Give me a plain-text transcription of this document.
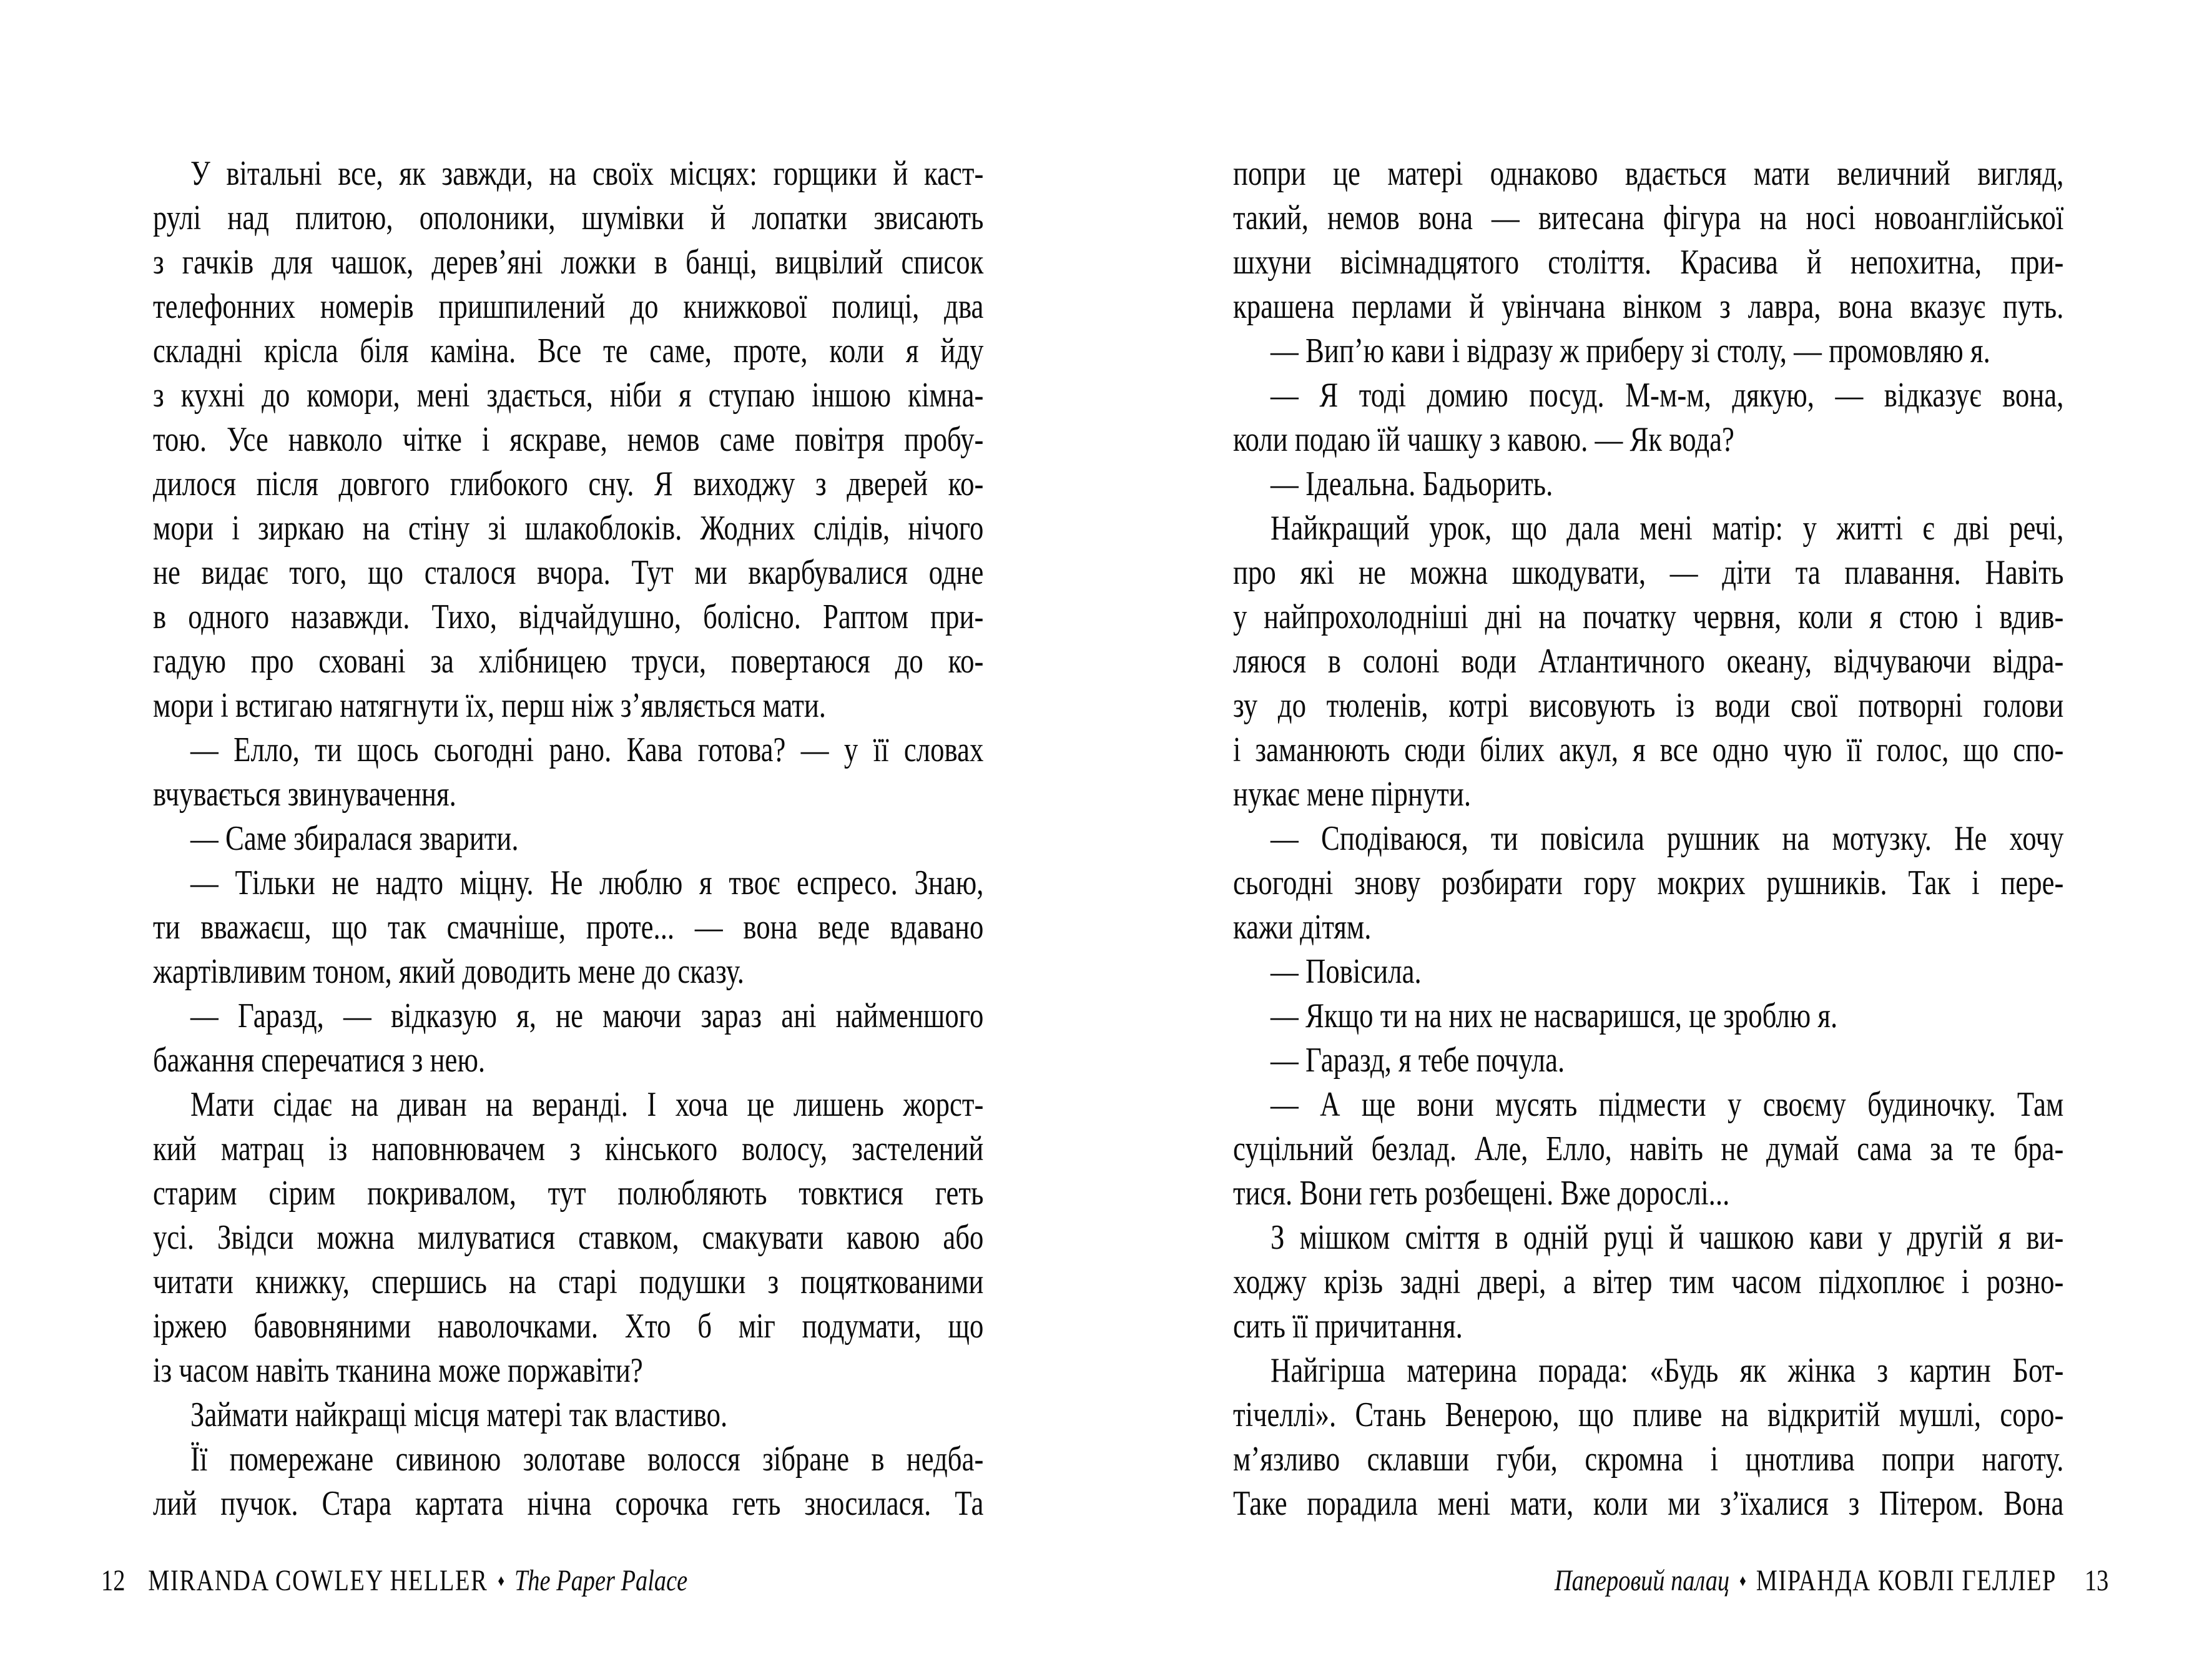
У вітальні все, як завжди, на своїх місцях: горщики й каст-
рулі над плитою, ополоники, шумівки й лопатки звисають
з гачків для чашок, дерев’яні ложки в банці, вицвілий список
телефонних номерів пришпилений до книжкової полиці, два
складні крісла біля каміна. Все те саме, проте, коли я йду
з кухні до комори, мені здається, ніби я ступаю іншою кімна-
тою. Усе навколо чітке і яскраве, немов саме повітря пробу-
дилося після довгого глибокого сну. Я виходжу з дверей ко-
мори і зиркаю на стіну зі шлакоблоків. Жодних слідів, нічого
не видає того, що сталося вчора. Тут ми вкарбувалися одне
в одного назавжди. Тихо, відчайдушно, болісно. Раптом при-
гадую про сховані за хлібницею труси, повертаюся до ко-
мори і встигаю натягнути їх, перш ніж з’являється мати.
— Елло, ти щось сьогодні рано. Кава готова? — у її словах
вчувається звинувачення.
— Саме збиралася зварити.
— Тільки не надто міцну. Не люблю я твоє еспресо. Знаю,
ти вважаєш, що так смачніше, проте... — вона веде вдавано
жартівливим тоном, який доводить мене до сказу.
— Гаразд, — відказую я, не маючи зараз ані найменшого
бажання сперечатися з нею.
Мати сідає на диван на веранді. І хоча це лишень жорст-
кий матрац із наповнювачем з кінського волосу, застелений
старим сірим покривалом, тут полюбляють товктися геть
усі. Звідси можна милуватися ставком, смакувати кавою або
читати книжку, спершись на старі подушки з поцяткованими
іржею бавовняними наволочками. Хто б міг подумати, що
із часом навіть тканина може поржавіти?
Займати найкращі місця матері так властиво.
Її помережане сивиною золотаве волосся зібране в недба-
лий пучок. Стара картата нічна сорочка геть зносилася. Та
12 MIRANDA COWLEY HELLER ♦ The Paper Palace
попри це матері однаково вдається мати величний вигляд,
такий, немов вона — витесана фігура на носі новоанглійської
шхуни вісімнадцятого століття. Красива й непохитна, при-
крашена перлами й увінчана вінком з лавра, вона вказує путь.
— Вип’ю кави і відразу ж приберу зі столу, — промовляю я.
— Я тоді домию посуд. М-м-м, дякую, — відказує вона,
коли подаю їй чашку з кавою. — Як вода?
— Ідеальна. Бадьорить.
Найкращий урок, що дала мені матір: у житті є дві речі,
про які не можна шкодувати, — діти та плавання. Навіть
у найпрохолодніші дні на початку червня, коли я стою і вдив-
ляюся в солоні води Атлантичного океану, відчуваючи відра-
зу до тюленів, котрі висовують із води свої потворні голови
і заманюють сюди білих акул, я все одно чую її голос, що спо-
нукає мене пірнути.
— Сподіваюся, ти повісила рушник на мотузку. Не хочу
сьогодні знову розбирати гору мокрих рушників. Так і пере-
кажи дітям.
— Повісила.
— Якщо ти на них не насваришся, це зроблю я.
— Гаразд, я тебе почула.
— А ще вони мусять підмести у своєму будиночку. Там
суцільний безлад. Але, Елло, навіть не думай сама за те бра-
тися. Вони геть розбещені. Вже дорослі...
З мішком сміття в одній руці й чашкою кави у другій я ви-
ходжу крізь задні двері, а вітер тим часом підхоплює і розно-
сить її причитання.
Найгірша материна порада: «Будь як жінка з картин Бот-
тічеллі». Стань Венерою, що пливе на відкритій мушлі, соро-
м’язливо склавши губи, скромна і цнотлива попри наготу.
Таке порадила мені мати, коли ми з’їхалися з Пітером. Вона
Паперовий палац ♦ МІРАНДА КОВЛІ ГЕЛЛЕР 13
